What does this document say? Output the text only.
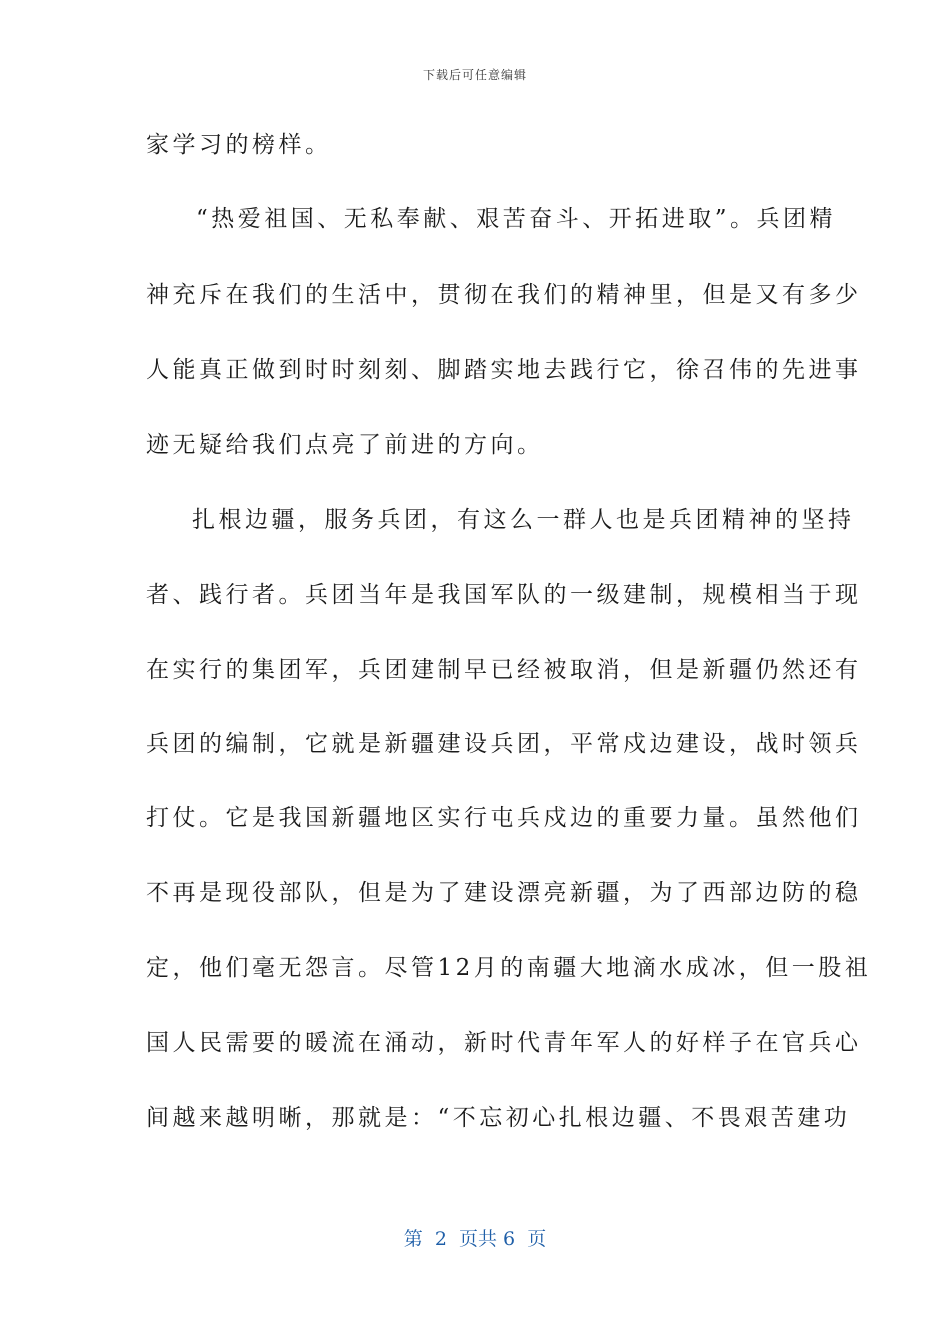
下载后可任意编辑
家学习的榜样。
“热爱祖国、无私奉献、艰苦奋斗、开拓进取”。兵团精
神充斥在我们的生活中，贯彻在我们的精神里，但是又有多少
人能真正做到时时刻刻、脚踏实地去践行它，徐召伟的先进事
迹无疑给我们点亮了前进的方向。
扎根边疆，服务兵团，有这么一群人也是兵团精神的坚持
者、践行者。兵团当年是我国军队的一级建制，规模相当于现
在实行的集团军，兵团建制早已经被取消，但是新疆仍然还有
兵团的编制，它就是新疆建设兵团，平常戍边建设，战时领兵
打仗。它是我国新疆地区实行屯兵戍边的重要力量。虽然他们
不再是现役部队，但是为了建设漂亮新疆，为了西部边防的稳
定，他们毫无怨言。尽管12月的南疆大地滴水成冰，但一股祖
国人民需要的暖流在涌动，新时代青年军人的好样子在官兵心
间越来越明晰，那就是：“不忘初心扎根边疆、不畏艰苦建功
第  2  页共 6  页
